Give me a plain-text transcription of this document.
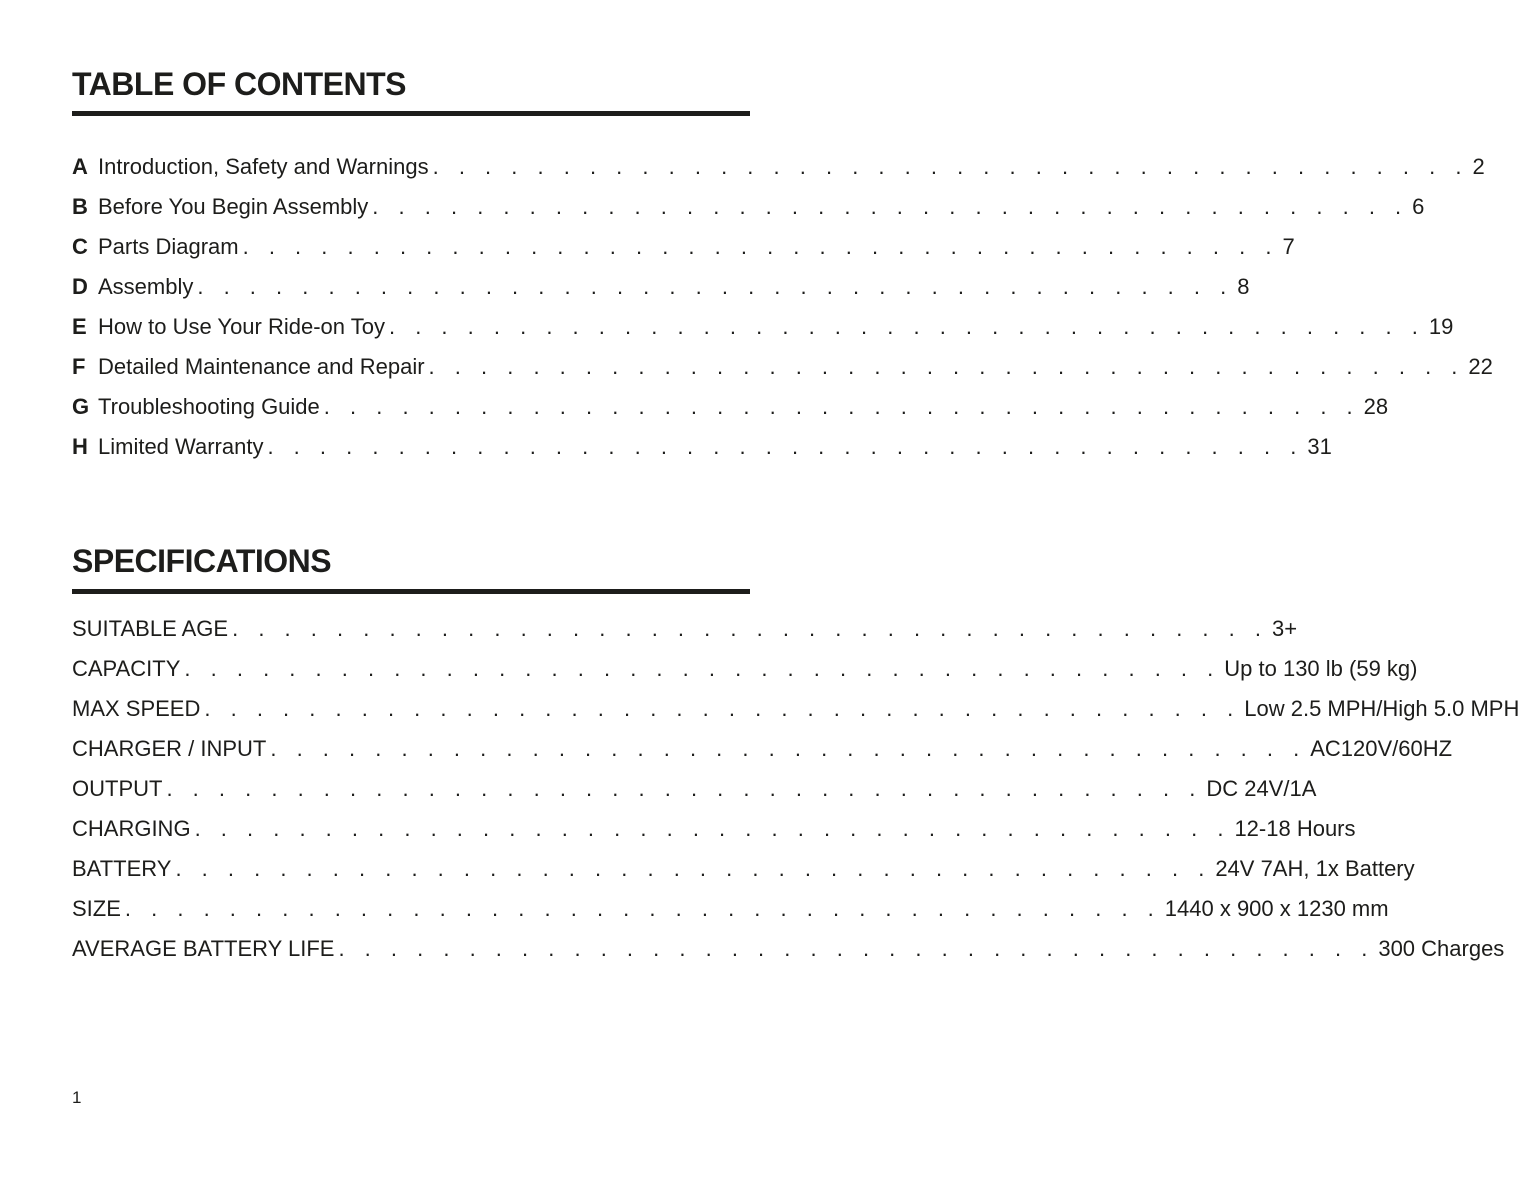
TABLE OF CONTENTS
A Introduction, Safety and Warnings . . . . . . . . . . . . . . . . . . . . . . . . . . . . . . . . . . . . . . . . 2
B Before You Begin Assembly . . . . . . . . . . . . . . . . . . . . . . . . . . . . . . . . . . . . . . . . 6
C Parts Diagram . . . . . . . . . . . . . . . . . . . . . . . . . . . . . . . . . . . . . . . . 7
D Assembly . . . . . . . . . . . . . . . . . . . . . . . . . . . . . . . . . . . . . . . . 8
E How to Use Your Ride-on Toy . . . . . . . . . . . . . . . . . . . . . . . . . . . . . . . . . . . . . . . . 19
F Detailed Maintenance and Repair . . . . . . . . . . . . . . . . . . . . . . . . . . . . . . . . . . . . . . . . 22
G Troubleshooting Guide . . . . . . . . . . . . . . . . . . . . . . . . . . . . . . . . . . . . . . . . 28
H Limited Warranty . . . . . . . . . . . . . . . . . . . . . . . . . . . . . . . . . . . . . . . . 31
SPECIFICATIONS
SUITABLE AGE . . . . . . . . . . . . . . . . . . . . . . . . . . . . . . . . . . . . . . . . 3+
CAPACITY . . . . . . . . . . . . . . . . . . . . . . . . . . . . . . . . . . . . . . . . Up to 130 lb (59 kg)
MAX SPEED . . . . . . . . . . . . . . . . . . . . . . . . . . . . . . . . . . . . . . . . Low 2.5 MPH/High 5.0 MPH
CHARGER / INPUT . . . . . . . . . . . . . . . . . . . . . . . . . . . . . . . . . . . . . . . . AC120V/60HZ
OUTPUT . . . . . . . . . . . . . . . . . . . . . . . . . . . . . . . . . . . . . . . . DC 24V/1A
CHARGING . . . . . . . . . . . . . . . . . . . . . . . . . . . . . . . . . . . . . . . . 12-18 Hours
BATTERY . . . . . . . . . . . . . . . . . . . . . . . . . . . . . . . . . . . . . . . . 24V 7AH, 1x Battery
SIZE . . . . . . . . . . . . . . . . . . . . . . . . . . . . . . . . . . . . . . . . 1440 x 900 x 1230 mm
AVERAGE BATTERY LIFE . . . . . . . . . . . . . . . . . . . . . . . . . . . . . . . . . . . . . . . . 300 Charges
1
